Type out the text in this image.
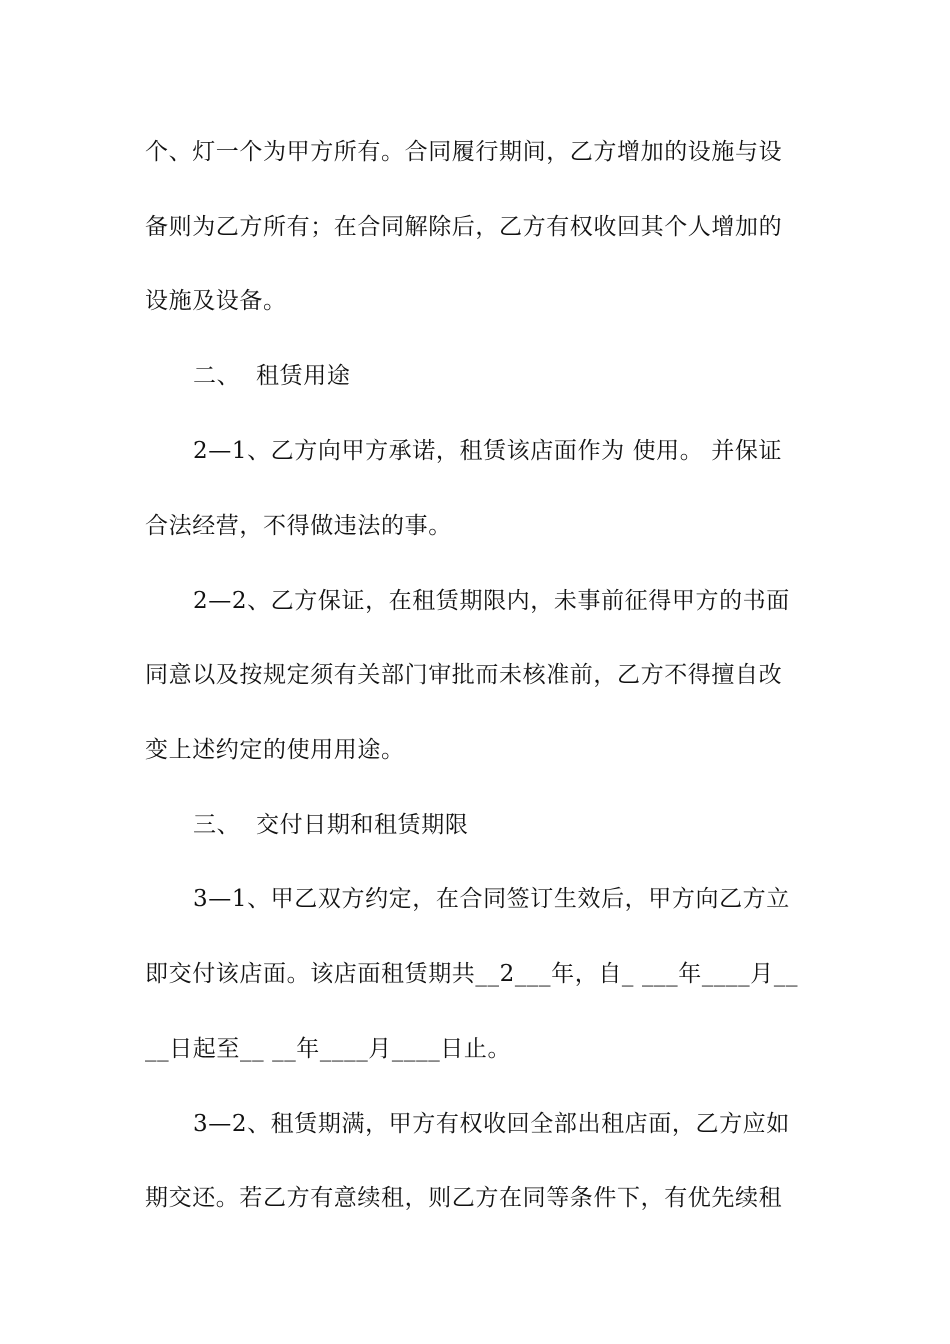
个、灯一个为甲方所有。合同履行期间，乙方增加的设施与设
备则为乙方所有；在合同解除后，乙方有权收回其个人增加的
设施及设备。
二、  租赁用途
2—1、乙方向甲方承诺，租赁该店面作为 使用。 并保证
合法经营，不得做违法的事。
2—2、乙方保证，在租赁期限内，未事前征得甲方的书面
同意以及按规定须有关部门审批而未核准前，乙方不得擅自改
变上述约定的使用用途。
三、  交付日期和租赁期限
3—1、甲乙双方约定，在合同签订生效后，甲方向乙方立
即交付该店面。该店面租赁期共__2___年，自_ ___年____月__
__日起至__ __年____月____日止。
3—2、租赁期满，甲方有权收回全部出租店面，乙方应如
期交还。若乙方有意续租，则乙方在同等条件下，有优先续租
